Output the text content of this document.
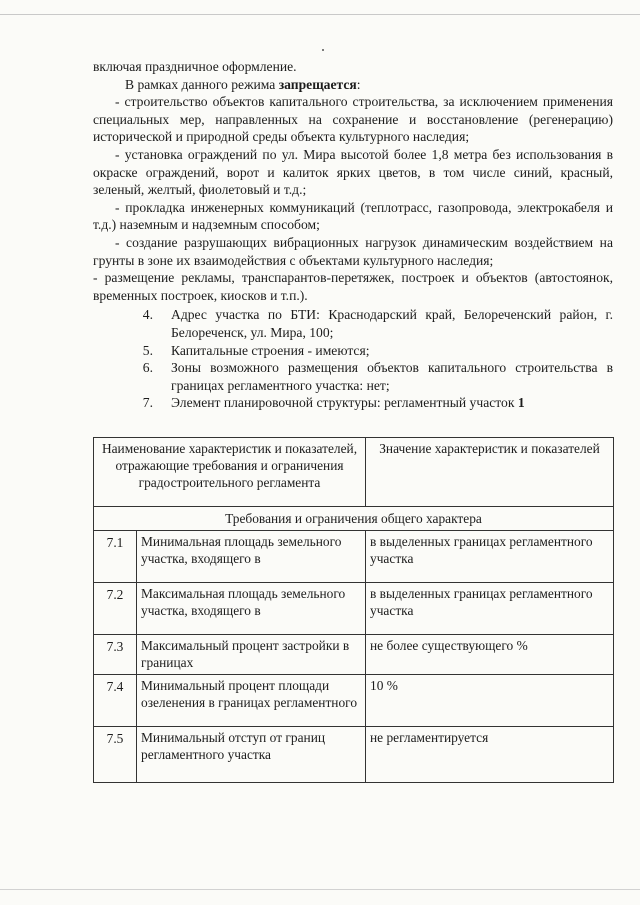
включая праздничное оформление.

В рамках данного режима запрещается:

- строительство объектов капитального строительства, за исключением применения специальных мер, направленных на сохранение и восстановление (регенерацию) исторической и природной среды объекта культурного наследия;

- установка ограждений по ул. Мира высотой более 1,8 метра без использования в окраске ограждений, ворот и калиток ярких цветов, в том числе синий, красный, зеленый, желтый, фиолетовый и т.д.;

- прокладка инженерных коммуникаций (теплотрасс, газопровода, электрокабеля и т.д.) наземным и надземным способом;

- создание разрушающих вибрационных нагрузок динамическим воздействием на грунты в зоне их взаимодействия с объектами культурного наследия;

- размещение рекламы, транспарантов-перетяжек, построек и объектов (автостоянок, временных построек, киосков и т.п.).

4.	Адрес участка по БТИ: Краснодарский край, Белореченский район, г. Белореченск, ул. Мира, 100;

5.	Капитальные строения - имеются;

6.	Зоны возможного размещения объектов капитального строительства в границах регламентного участка: нет;

7.	Элемент планировочной структуры: регламентный участок 1

Наименование характеристик и показателей, отражающие требования и ограничения градостроительного регламента		Значение характеристик и показателей
Требования и ограничения общего характера		
7.1	Минимальная площадь земельного участка, входящего в	в выделенных границах регламентного участка
7.2	Максимальная площадь земельного участка, входящего в	в выделенных границах регламентного участка
7.3	Максимальный процент застройки в границах	не более существующего %
7.4	Минимальный процент площади озеленения в границах регламентного	10 %
7.5	Минимальный отступ от границ регламентного участка	не регламентируется
